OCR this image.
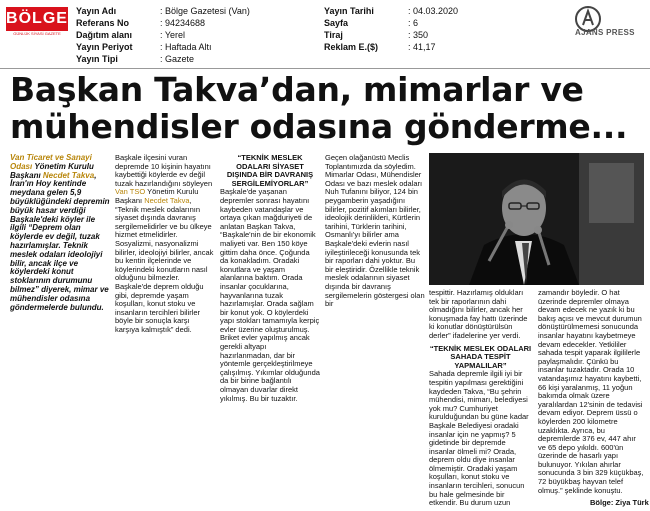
BÖLGE
GÜNLÜK SİYASİ GAZETE
Yayın Adı	: Bölge Gazetesi (Van)
Referans No	: 94234688
Dağıtım alanı	: Yerel
Yayın Periyot	: Haftada Altı
Yayın Tipi	: Gazete
Yayın Tarihi	: 04.03.2020
Sayfa	: 6
Tiraj	: 350
Reklam E.($)	: 41,17
AJANS PRESS
Başkan Takva’dan, mimarlar ve
mühendisler odasına gönderme...

Van Ticaret ve Sanayi Odası Yönetim Kurulu Başkanı Necdet Takva, İran'ın Hoy kentinde meydana gelen 5,9 büyüklüğündeki depremin büyük hasar verdiği Başkale'deki köyler ile ilgili “Deprem olan köylerde ev değil, tuzak hazırlamışlar. Teknik meslek odaları ideolojiyi bilir, ancak ilçe ve köylerdeki konut stoklarının durumunu bilmez” diyerek, mimar ve mühendisler odasına göndermelerde bulundu.

Başkale ilçesini vuran depremde 10 kişinin hayatını kaybettiği köylerde ev değil tuzak hazırlandığını söyleyen Van TSO Yönetim Kurulu Başkanı Necdet Takva, “Teknik meslek odalarının siyaset dışında davranış sergilemelidirler ve bu ülkeye hizmet etmelidirler. Sosyalizmi, nasyonalizmi bilirler, ideolojiyi bilirler, ancak bu kentin ilçelerinde ve köylerindeki konutların nasıl olduğunu bilmezler. Başkale'de deprem olduğu gibi, depremde yaşam koşulları, konut stoku ve insanların tercihleri bilirler böyle bir sonuçla karşı karşıya kalmıştık” dedi.

“TEKNİK MESLEK ODALARI SİYASET DIŞINDA BİR DAVRANIŞ SERGİLEMİYORLAR”

Başkale'de yaşanan depremler sonrası hayatını kaybeden vatandaşlar ve ortaya çıkan mağduriyeti de anlatan Başkan Takva, “Başkale'nin de bir ekonomik maliyeti var. Ben 150 köye gittim daha önce. Çoğunda da konakladım. Oradaki konutlara ve yaşam alanlarına baktım. Orada insanlar çocuklarına, hayvanlarına tuzak hazırlamışlar. Orada sağlam bir konut yok. O köylerdeki yapı stokları tamamıyla kerpiç evler üzerine oluşturulmuş. Briket evler yapılmış ancak gerekli altyapı hazırlanmadan, dar bir yöntemle gerçekleştirilmeye çalışılmış. Yıkımlar olduğunda da bir birine bağlantılı olmayan duvarlar direkt yıkılmış. Bu bir tuzaktır.

Geçen olağanüstü Meclis Toplantımızda da söyledim. Mimarlar Odası, Mühendisler Odası ve bazı meslek odaları Nuh Tufanını biliyor, 124 bin peygamberin yaşadığını bilirler, pozitif akımları bilirler, ideolojik derinlikleri, Kürtlerin tarihini, Türklerin tarihini, Osmanlı'yı bilirler ama Başkale'deki evlerin nasıl iyileştirileceği konusunda tek bir raporları dahi yoktur. Bu bir eleştiridir. Özellikle teknik meslek odalarının siyaset dışında bir davranış sergilemelerin göstergesi olan bir

tespittir. Hazırlamış oldukları tek bir raporlarının dahi olmadığını bilirler, ancak her konuşmada fay hattı üzerinde ki konutlar dönüştürülsün derler” ifadelerine yer verdi.

“TEKNİK MESLEK ODALARI SAHADA TESPİT YAPMALILAR”

Sahada depremle ilgili iyi bir tespitin yapılması gerektiğini kaydeden Takva, “Bu şehrin mühendisi, mimarı, belediyesi yok mu? Cumhuriyet kurulduğundan bu güne kadar Başkale Belediyesi oradaki insanlar için ne yapmış? 5 gidetinde bir depremde insanlar ölmeli mi? Orada, deprem oldu diye insanlar ölmemiştir. Oradaki yaşam koşulları, konut stoku ve insanların tercihleri, sonucun bu hale gelmesinde bir etkendir. Bu durum uzun

zamandır böyledir. O hat üzerinde depremler olmaya devam edecek ne yazık ki bu bakış açısı ve mevcut durumun dönüştürülmemesi sonucunda insanlar hayatını kaybetmeye devam edecekler. Yetkililer sahada tespit yaparak ilgililerle paylaşmalıdır. Çünkü bu insanlar tuzaktadır. Orada 10 vatandaşımız hayatını kaybetti, 66 kişi yaralanmış, 11 yoğun bakımda olmak üzere yaralılardan 12'sinin de tedavisi devam ediyor. Deprem üssü o köylerden 200 kilometre uzaklıkta. Ayrıca, bu depremlerde 376 ev, 447 ahır ve 65 depo yıkıldı. 600'ün üzerinde de hasarlı yapı bulunuyor. Yıkılan ahırlar sonucunda 3 bin 329 küçükbaş, 72 büyükbaş hayvan telef olmuş.” şeklinde konuştu.

Bölge: Ziya Türk
